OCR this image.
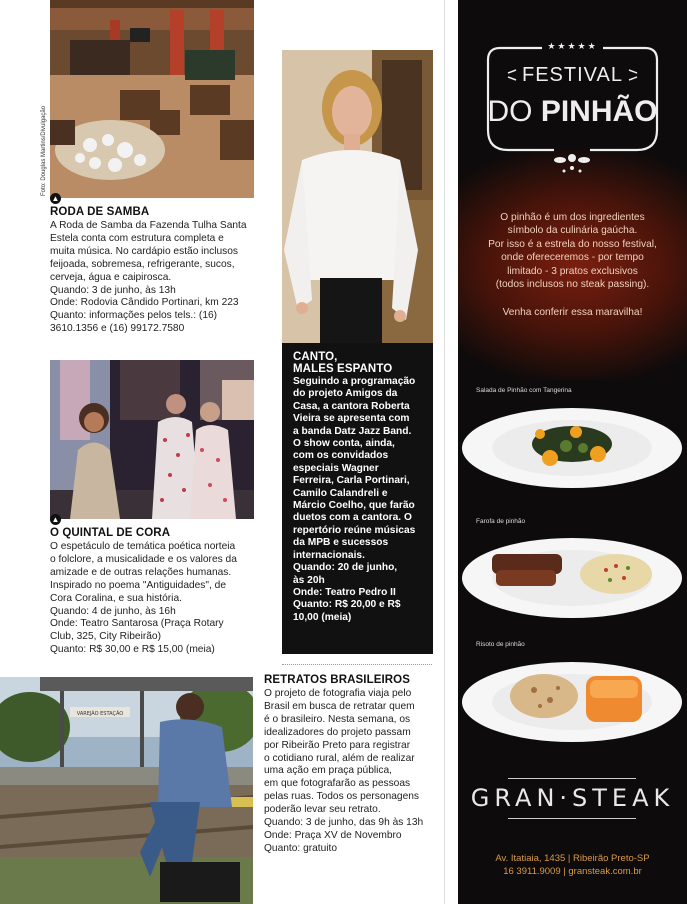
Foto: Douglas Martins/Divulgação
▲
RODA DE SAMBA
A Roda de Samba da Fazenda Tulha Santa
Estela conta com estrutura completa e
muita música. No cardápio estão inclusos
feijoada, sobremesa, refrigerante, sucos,
cerveja, água e caipirosca.
Quando: 3 de junho, às 13h
Onde: Rodovia Cândido Portinari, km 223
Quanto: informações pelos tels.: (16)
3610.1356 e (16) 99172.7580
▲
O QUINTAL DE CORA
O espetáculo de temática poética norteia
o folclore, a musicalidade e os valores da
amizade e de outras relações humanas.
Inspirado no poema "Antiguidades", de
Cora Coralina, e sua história.
Quando: 4 de junho, às 16h
Onde: Teatro Santarosa (Praça Rotary
Club, 325, City Ribeirão)
Quanto: R$ 30,00 e R$ 15,00 (meia)
CANTO,
MALES ESPANTO
Seguindo a programação
do projeto Amigos da
Casa, a cantora Roberta
Vieira se apresenta com
a banda Datz Jazz Band.
O show conta, ainda,
com os convidados
especiais Wagner
Ferreira, Carla Portinari,
Camilo Calandreli e
Márcio Coelho, que farão
duetos com a cantora. O
repertório reúne músicas
da MPB e sucessos
internacionais.
Quando: 20 de junho,
às 20h
Onde: Teatro Pedro II
Quanto: R$ 20,00 e R$
10,00 (meia)
VAREJÃO ESTAÇÃO
RETRATOS BRASILEIROS
O projeto de fotografia viaja pelo
Brasil em busca de retratar quem
é o brasileiro. Nesta semana, os
idealizadores do projeto passam
por Ribeirão Preto para registrar
o cotidiano rural, além de realizar
uma ação em praça pública,
em que fotografarão as pessoas
pelas ruas. Todos os personagens
poderão levar seu retrato.
Quando: 3 de junho, das 9h às 13h
Onde: Praça XV de Novembro
Quanto: gratuito
★★★★★
FESTIVAL
DO PINHÃO
O pinhão é um dos ingredientes
símbolo da culinária gaúcha.
Por isso é a estrela do nosso festival,
onde ofereceremos - por tempo
limitado - 3 pratos exclusivos
(todos inclusos no steak passing).
Venha conferir essa maravilha!
Salada de Pinhão com Tangerina
Farofa de pinhão
Risoto de pinhão
GRAN·STEAK
Av. Itatiaia, 1435 | Ribeirão Preto-SP
16 3911.9009 | gransteak.com.br
